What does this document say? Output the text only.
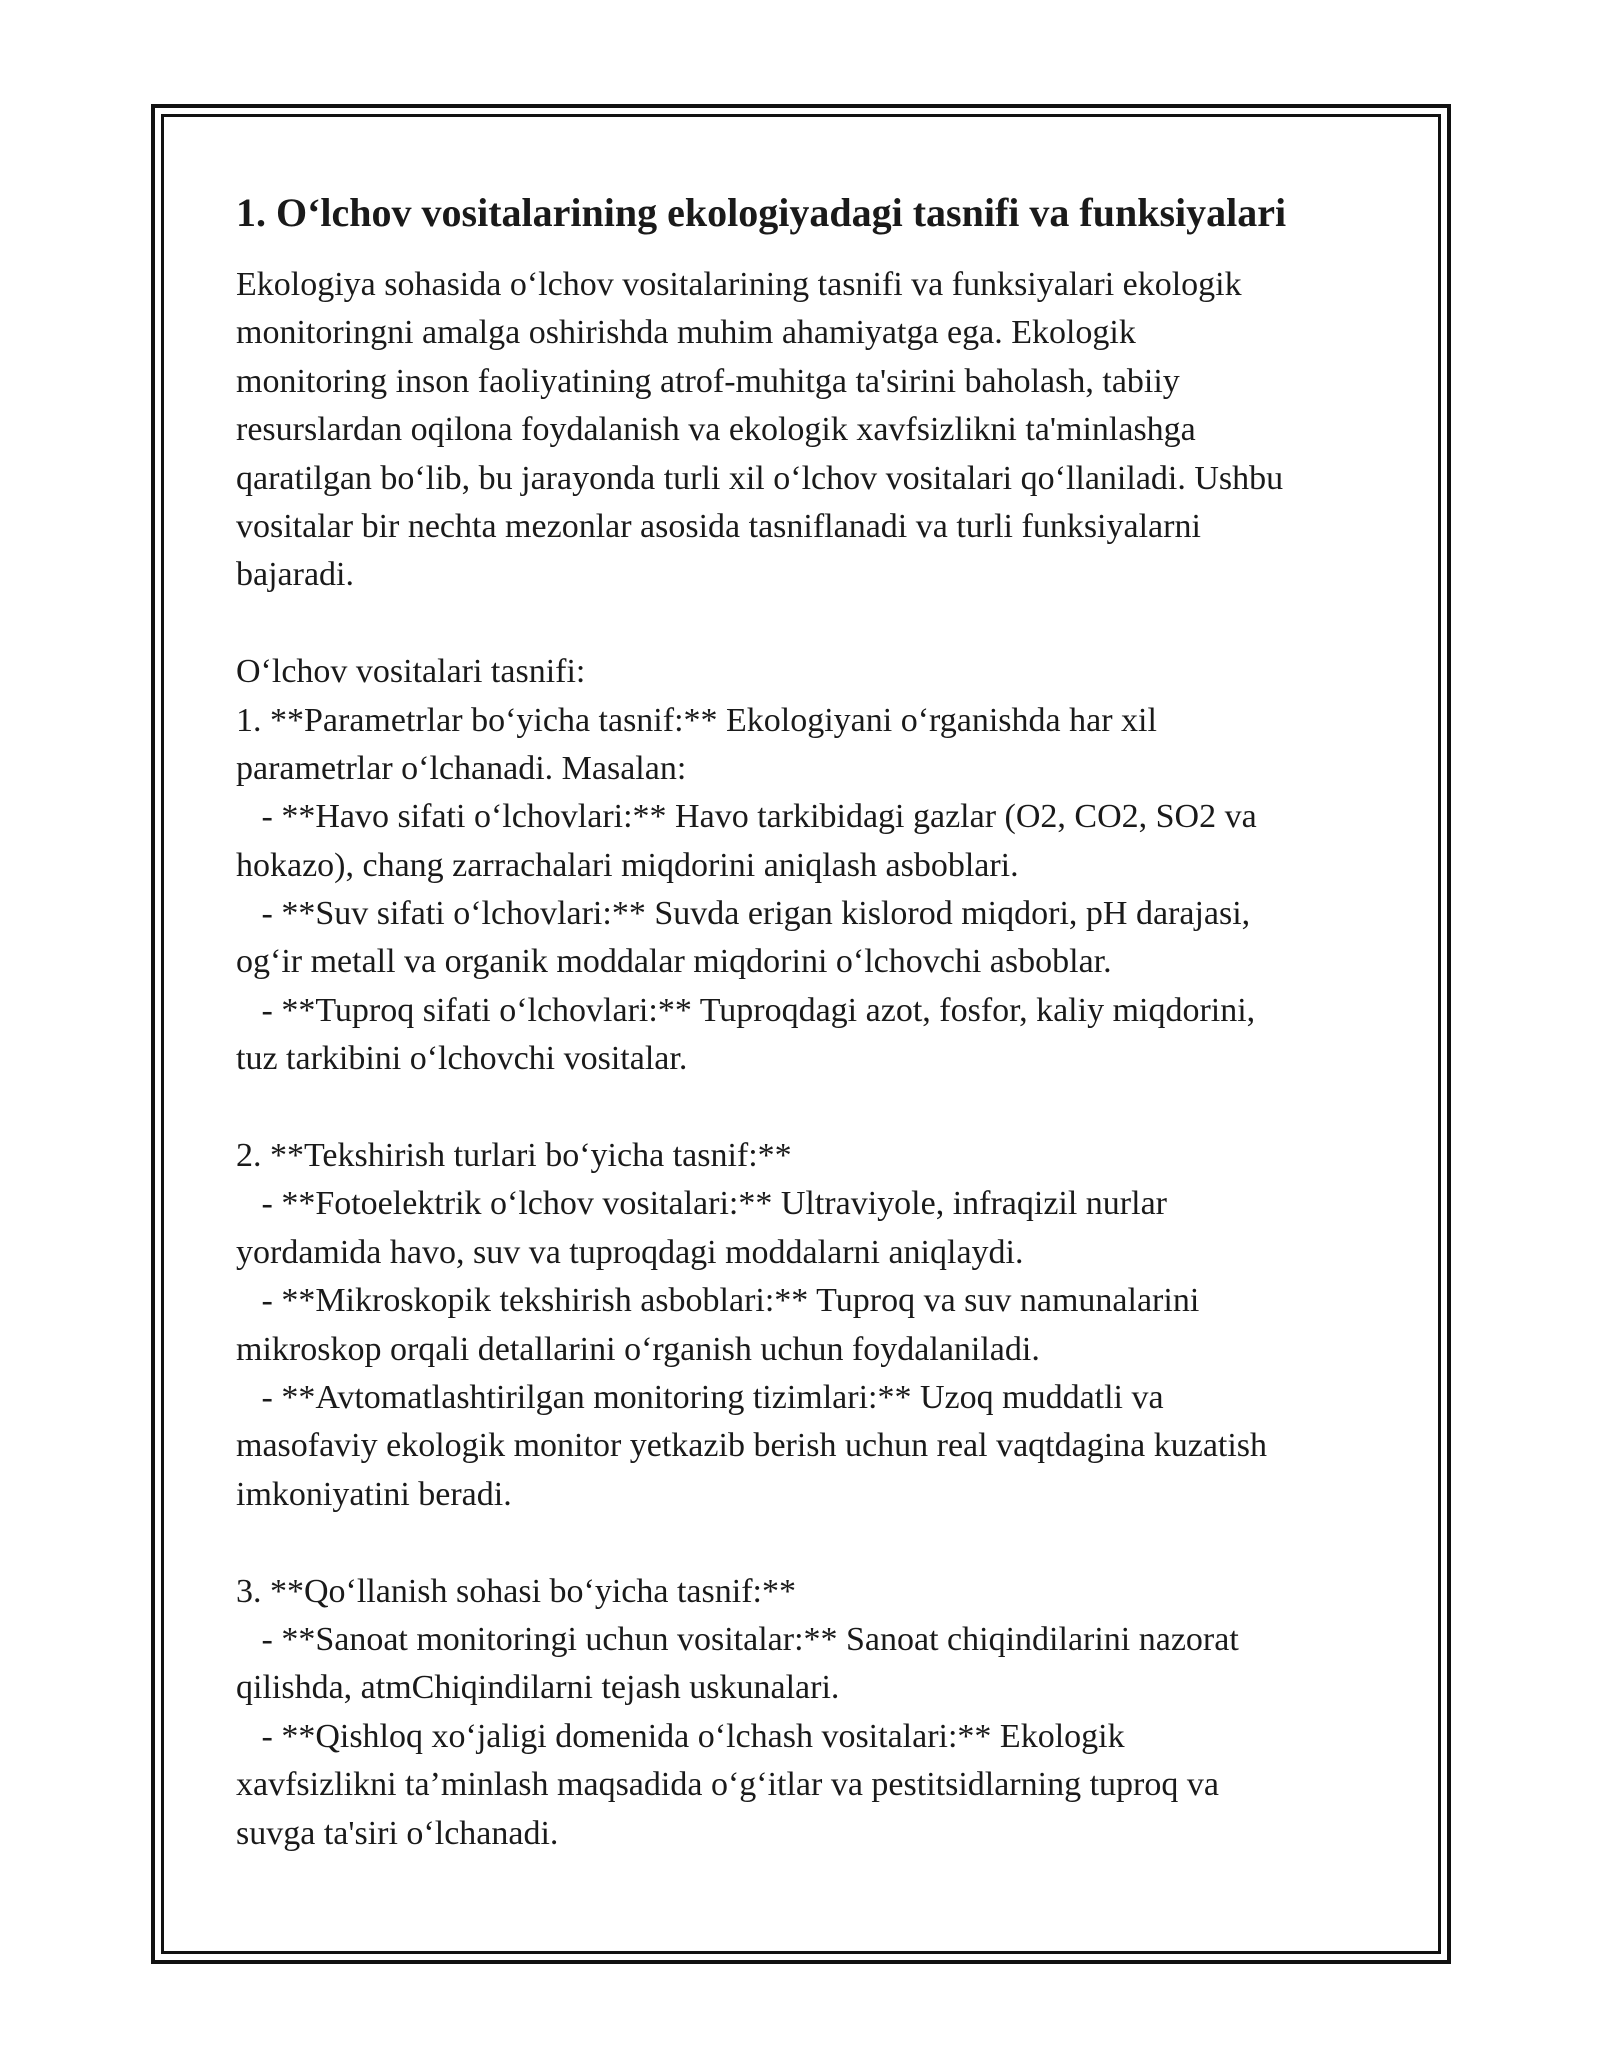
1. O‘lchov vositalarining ekologiyadagi tasnifi va funksiyalari
Ekologiya sohasida o‘lchov vositalarining tasnifi va funksiyalari ekologik
monitoringni amalga oshirishda muhim ahamiyatga ega. Ekologik
monitoring inson faoliyatining atrof-muhitga ta'sirini baholash, tabiiy
resurslardan oqilona foydalanish va ekologik xavfsizlikni ta'minlashga
qaratilgan bo‘lib, bu jarayonda turli xil o‘lchov vositalari qo‘llaniladi. Ushbu
vositalar bir nechta mezonlar asosida tasniflanadi va turli funksiyalarni
bajaradi.
O‘lchov vositalari tasnifi:
1. **Parametrlar bo‘yicha tasnif:** Ekologiyani o‘rganishda har xil
parametrlar o‘lchanadi. Masalan:
- **Havo sifati o‘lchovlari:** Havo tarkibidagi gazlar (O2, CO2, SO2 va
hokazo), chang zarrachalari miqdorini aniqlash asboblari.
- **Suv sifati o‘lchovlari:** Suvda erigan kislorod miqdori, pH darajasi,
og‘ir metall va organik moddalar miqdorini o‘lchovchi asboblar.
- **Tuproq sifati o‘lchovlari:** Tuproqdagi azot, fosfor, kaliy miqdorini,
tuz tarkibini o‘lchovchi vositalar.
2. **Tekshirish turlari bo‘yicha tasnif:**
- **Fotoelektrik o‘lchov vositalari:** Ultraviyole, infraqizil nurlar
yordamida havo, suv va tuproqdagi moddalarni aniqlaydi.
- **Mikroskopik tekshirish asboblari:** Tuproq va suv namunalarini
mikroskop orqali detallarini o‘rganish uchun foydalaniladi.
- **Avtomatlashtirilgan monitoring tizimlari:** Uzoq muddatli va
masofaviy ekologik monitor yetkazib berish uchun real vaqtdagina kuzatish
imkoniyatini beradi.
3. **Qo‘llanish sohasi bo‘yicha tasnif:**
- **Sanoat monitoringi uchun vositalar:** Sanoat chiqindilarini nazorat
qilishda, atmChiqindilarni tejash uskunalari.
- **Qishloq xo‘jaligi domenida o‘lchash vositalari:** Ekologik
xavfsizlikni ta’minlash maqsadida o‘g‘itlar va pestitsidlarning tuproq va
suvga ta'siri o‘lchanadi.
